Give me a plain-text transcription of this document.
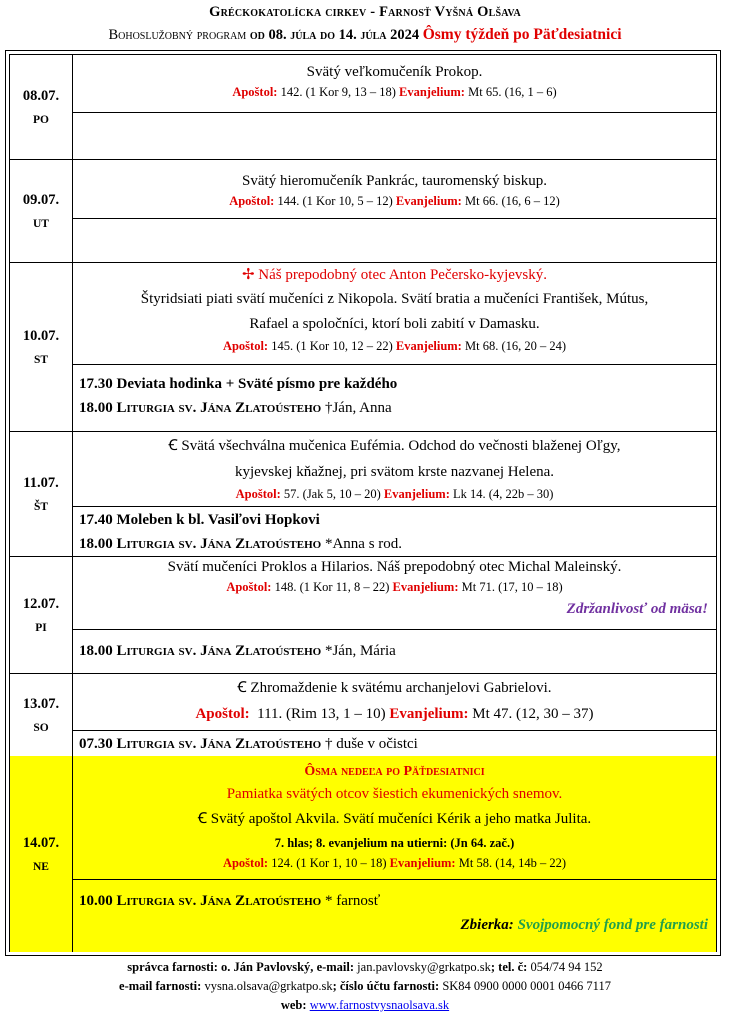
Gréckokatolícka cirkev - Farnosť Vyšná Olšava
Bohoslužobný program od 08. júla do 14. júla 2024 Ôsmy týždeň po Päťdesiatnici
08.07.
PO
Svätý veľkomučeník Prokop.
Apoštol: 142. (1 Kor 9, 13 – 18) Evanjelium: Mt 65. (16, 1 – 6)
09.07.
UT
Svätý hieromučeník Pankrác, tauromenský biskup.
Apoštol: 144. (1 Kor 10, 5 – 12) Evanjelium: Mt 66. (16, 6 – 12)
10.07.
ST
✢ Náš prepodobný otec Anton Pečersko-kyjevský.
Štyridsiati piati svätí mučeníci z Nikopola. Svätí bratia a mučeníci František, Mútus,
Rafael a spoločníci, ktorí boli zabití v Damasku.
Apoštol: 145. (1 Kor 10, 12 – 22) Evanjelium: Mt 68. (16, 20 – 24)
17.30 Deviata hodinka + Sväté písmo pre každého
18.00 Liturgia sv. Jána Zlatoústeho †Ján, Anna
11.07.
ŠT
Ꞓ Svätá všechválna mučenica Eufémia. Odchod do večnosti blaženej Oľgy,
kyjevskej kňažnej, pri svätom krste nazvanej Helena.
Apoštol: 57. (Jak 5, 10 – 20) Evanjelium: Lk 14. (4, 22b – 30)
17.40 Moleben k bl. Vasiľovi Hopkovi
18.00 Liturgia sv. Jána Zlatoústeho *Anna s rod.
12.07.
PI
Svätí mučeníci Proklos a Hilarios. Náš prepodobný otec Michal Maleinský.
Apoštol: 148. (1 Kor 11, 8 – 22) Evanjelium: Mt 71. (17, 10 – 18)
Zdržanlivosť od mäsa!
18.00 Liturgia sv. Jána Zlatoústeho *Ján, Mária
13.07.
SO
Ꞓ Zhromaždenie k svätému archanjelovi Gabrielovi.
Apoštol: 111. (Rim 13, 1 – 10) Evanjelium: Mt 47. (12, 30 – 37)
07.30 Liturgia sv. Jána Zlatoústeho † duše v očistci
14.07.
NE
Ôsma nedeľa po Päťdesiatnici
Pamiatka svätých otcov šiestich ekumenických snemov.
Ꞓ Svätý apoštol Akvila. Svätí mučeníci Kérik a jeho matka Julita.
7. hlas; 8. evanjelium na utierni: (Jn 64. zač.)
Apoštol: 124. (1 Kor 1, 10 – 18) Evanjelium: Mt 58. (14, 14b – 22)
10.00 Liturgia sv. Jána Zlatoústeho * farnosť
Zbierka: Svojpomocný fond pre farnosti
správca farnosti: o. Ján Pavlovský, e-mail: jan.pavlovsky@grkatpo.sk; tel. č: 054/74 94 152
e-mail farnosti: vysna.olsava@grkatpo.sk; číslo účtu farnosti: SK84 0900 0000 0001 0466 7117
web: www.farnostvysnaolsava.sk
